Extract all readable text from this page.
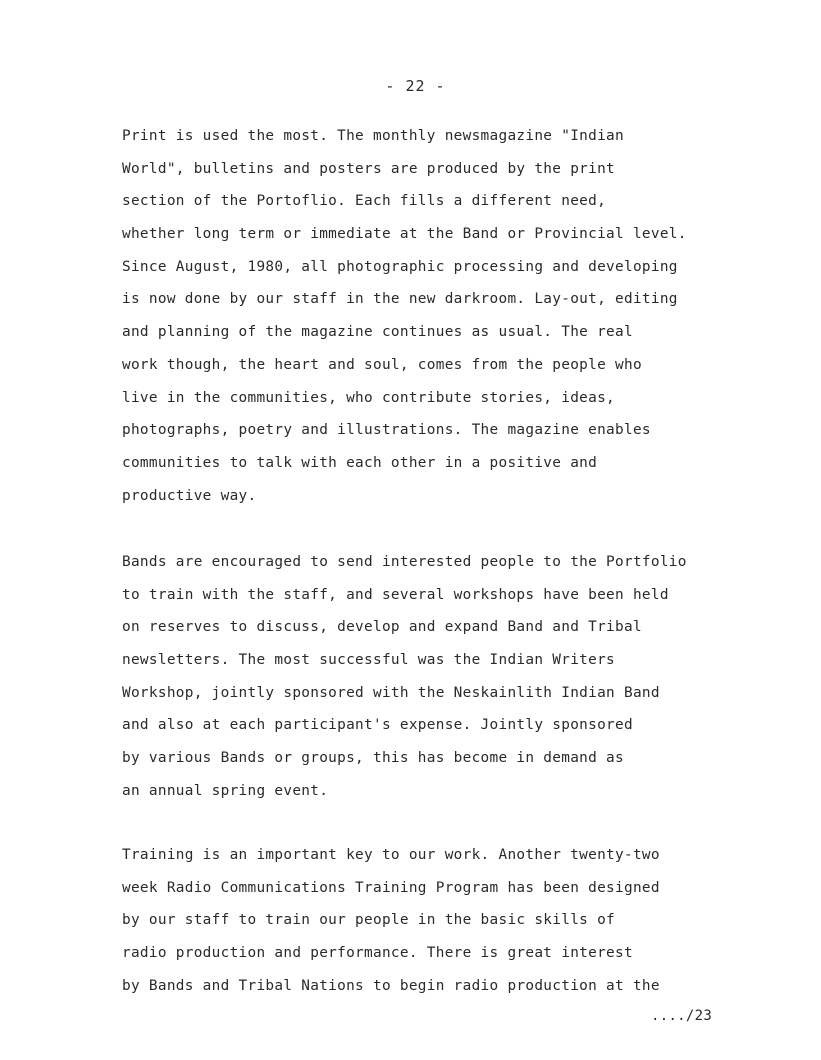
- 22 -

Print is used the most. The monthly newsmagazine "Indian
World", bulletins and posters are produced by the print
section of the Portoflio. Each fills a different need,
whether long term or immediate at the Band or Provincial level.
Since August, 1980, all photographic processing and developing
is now done by our staff in the new darkroom. Lay-out, editing
and planning of the magazine continues as usual. The real
work though, the heart and soul, comes from the people who
live in the communities, who contribute stories, ideas,
photographs, poetry and illustrations. The magazine enables
communities to talk with each other in a positive and
productive way.

Bands are encouraged to send interested people to the Portfolio
to train with the staff, and several workshops have been held
on reserves to discuss, develop and expand Band and Tribal
newsletters. The most successful was the Indian Writers
Workshop, jointly sponsored with the Neskainlith Indian Band
and also at each participant's expense. Jointly sponsored
by various Bands or groups, this has become in demand as
an annual spring event.

Training is an important key to our work. Another twenty-two
week Radio Communications Training Program has been designed
by our staff to train our people in the basic skills of
radio production and performance. There is great interest
by Bands and Tribal Nations to begin radio production at the

..../23
